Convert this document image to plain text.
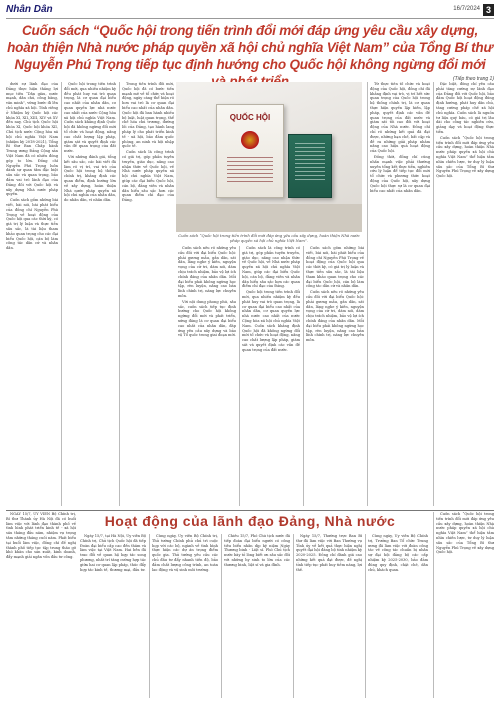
Nhân Dân	16/7/2024 3
Cuốn sách “Quốc hội trong tiến trình đổi mới đáp ứng yêu cầu xây dựng, hoàn thiện Nhà nước pháp quyền xã hội chủ nghĩa Việt Nam” của Tổng Bí thư Nguyễn Phú Trọng tiếp tục định hướng cho Quốc hội không ngừng đổi mới
(Tiếp theo trang 1)

dưới sự lãnh đạo của Đảng thực hiện thắng lợi mục tiêu “Dân giàu, nước mạnh, dân chủ, công bằng, văn minh”, vững bước đi lên chủ nghĩa xã hội. Tính riêng ở Nhiệm kỳ Quốc hội các khóa XI, XII, XIII, XIV và XV đến nay, Chủ tịch Quốc hội khóa XI, Quốc hội khóa XII, Chủ tịch nước Cộng hòa xã hội chủ nghĩa Việt Nam (nhiệm kỳ 2018-2021), Tổng Bí thư Ban Chấp hành Trung ương Đảng Cộng sản Việt Nam đã có nhiều đóng góp to lớn. Đồng chí Nguyễn Phú Trọng luôn dành sự quan tâm đặc biệt sâu sắc và quan trọng, bảo đảm vai trò lãnh đạo của Đảng đối với Quốc hội và xây dựng Nhà nước pháp quyền.

Cuốn sách gồm những bài viết, bài nói, bài phát biểu của đồng chí Nguyễn Phú Trọng về hoạt động của Quốc hội qua các thời kỳ, có giá trị lý luận và thực tiễn sâu sắc, là tài liệu tham khảo quan trọng cho các đại biểu Quốc hội, cán bộ làm công tác dân cử và nhân dân.

Quốc hội trong tiến trình đổi mới, qua nhiều nhiệm kỳ đều phát huy vai trò quan trọng, là cơ quan đại biểu cao nhất của nhân dân, cơ quan quyền lực nhà nước cao nhất của nước Cộng hòa xã hội chủ nghĩa Việt Nam. Cuốn sách khẳng định Quốc hội đã không ngừng đổi mới tổ chức và hoạt động, nâng cao chất lượng lập pháp, giám sát và quyết định các vấn đề quan trọng của đất nước.

Với những đánh giá, tổng kết sâu sắc, các bài viết đã làm rõ vị trí, vai trò của Quốc hội trong hệ thống chính trị, khẳng định các quan điểm, định hướng lớn về xây dựng, hoàn thiện Nhà nước pháp quyền xã hội chủ nghĩa của nhân dân, do nhân dân, vì nhân dân.

Trong tiến trình đổi mới, Quốc hội đã có bước tiến mạnh mẽ về tổ chức và hoạt động, ngày càng thể hiện rõ hơn vai trò là cơ quan đại biểu cao nhất của nhân dân. Quốc hội đã ban hành nhiều bộ luật, luật quan trọng, thể chế hóa chủ trương, đường lối của Đảng, tạo hành lang pháp lý cho phát triển kinh tế - xã hội, bảo đảm quốc phòng, an ninh và hội nhập quốc tế.

Cuốn sách là công trình có giá trị, góp phần tuyên truyền, giáo dục, nâng cao nhận thức về Quốc hội, về Nhà nước pháp quyền xã hội chủ nghĩa Việt Nam, giúp các đại biểu Quốc hội, cán bộ, đảng viên và nhân dân hiểu sâu sắc hơn các quan điểm chỉ đạo của Đảng.

QUỐC HỘI
Cuốn sách “Quốc hội trong tiến trình đổi mới đáp ứng yêu cầu xây dựng, hoàn thiện Nhà nước pháp quyền xã hội chủ nghĩa Việt Nam”.

Cuốn sách nêu rõ những yêu cầu đối với đại biểu Quốc hội: phải gương mẫu, gần dân, sát dân, lắng nghe ý kiến, nguyện vọng của cử tri, dám nói, dám chịu trách nhiệm, bảo vệ lợi ích chính đáng của nhân dân. Mỗi đại biểu phải không ngừng học tập, rèn luyện, nâng cao bản lĩnh chính trị, năng lực chuyên môn.

Với nội dung phong phú, sâu sắc, cuốn sách tiếp tục định hướng cho Quốc hội không ngừng đổi mới và phát triển, xứng đáng là cơ quan đại biểu cao nhất của nhân dân, đáp ứng yêu cầu xây dựng và bảo vệ Tổ quốc trong giai đoạn mới.

Cuốn sách là công trình có giá trị, góp phần tuyên truyền, giáo dục, nâng cao nhận thức về Quốc hội, về Nhà nước pháp quyền xã hội chủ nghĩa Việt Nam, giúp các đại biểu Quốc hội, cán bộ, đảng viên và nhân dân hiểu sâu sắc hơn các quan điểm chỉ đạo của Đảng.

Quốc hội trong tiến trình đổi mới, qua nhiều nhiệm kỳ đều phát huy vai trò quan trọng, là cơ quan đại biểu cao nhất của nhân dân, cơ quan quyền lực nhà nước cao nhất của nước Cộng hòa xã hội chủ nghĩa Việt Nam. Cuốn sách khẳng định Quốc hội đã không ngừng đổi mới tổ chức và hoạt động, nâng cao chất lượng lập pháp, giám sát và quyết định các vấn đề quan trọng của đất nước.

Cuốn sách gồm những bài viết, bài nói, bài phát biểu của đồng chí Nguyễn Phú Trọng về hoạt động của Quốc hội qua các thời kỳ, có giá trị lý luận và thực tiễn sâu sắc, là tài liệu tham khảo quan trọng cho các đại biểu Quốc hội, cán bộ làm công tác dân cử và nhân dân.

Cuốn sách nêu rõ những yêu cầu đối với đại biểu Quốc hội: phải gương mẫu, gần dân, sát dân, lắng nghe ý kiến, nguyện vọng của cử tri, dám nói, dám chịu trách nhiệm, bảo vệ lợi ích chính đáng của nhân dân. Mỗi đại biểu phải không ngừng học tập, rèn luyện, nâng cao bản lĩnh chính trị, năng lực chuyên môn.

Từ thực tiễn tổ chức và hoạt động của Quốc hội, đồng chí đã khẳng định vai trò, vị trí hết sức quan trọng của Quốc hội trong hệ thống chính trị, là cơ quan thực hiện quyền lập hiến, lập pháp, quyết định các vấn đề quan trọng của đất nước và giám sát tối cao đối với hoạt động của Nhà nước. Đồng chí chỉ rõ những kết quả đã đạt được, những hạn chế, bất cập và đề ra những giải pháp nhằm nâng cao hiệu quả hoạt động của Quốc hội.

Đồng thời, đồng chí cũng nhấn mạnh việc phải thường xuyên tổng kết thực tiễn, nghiên cứu lý luận để tiếp tục đổi mới tổ chức và phương thức hoạt động của Quốc hội, xây dựng Quốc hội thực sự là cơ quan đại biểu cao nhất của nhân dân.

Đặc biệt, đồng chí yêu cầu phải tăng cường sự lãnh đạo của Đảng đối với Quốc hội, bảo đảm Quốc hội hoạt động đúng định hướng, phát huy dân chủ, tăng cường pháp chế xã hội chủ nghĩa. Cuốn sách là nguồn tư liệu quý báu, có giá trị lâu dài cho công tác nghiên cứu, giảng dạy và hoạt động thực tiễn.

Cuốn sách “Quốc hội trong tiến trình đổi mới đáp ứng yêu cầu xây dựng, hoàn thiện Nhà nước pháp quyền xã hội chủ nghĩa Việt Nam” thể hiện tầm nhìn chiến lược, tư duy lý luận sâu sắc của Tổng Bí thư Nguyễn Phú Trọng về xây dựng Quốc hội.

NGÀY 15/7, ỦY VIÊN Bộ Chính trị, Bí thư Thành ủy Hà Nội đã có buổi làm việc với lãnh đạo thành phố về tình hình phát triển kinh tế - xã hội sáu tháng đầu năm, nhiệm vụ trọng tâm những tháng cuối năm. Phát biểu tại buổi làm việc, đồng chí đề nghị thành phố tiếp tục tập trung tháo gỡ khó khăn cho sản xuất, kinh doanh, đẩy mạnh giải ngân vốn đầu tư công.

Hoạt động của lãnh đạo Đảng, Nhà nước

Ngày 15/7, tại Hà Nội, Ủy viên Bộ Chính trị, Chủ tịch Quốc hội đã tiếp Đoàn đại biểu cấp cao đến thăm và làm việc tại Việt Nam. Hai bên đã trao đổi về quan hệ hợp tác song phương, nhất trí tăng cường hợp tác giữa hai cơ quan lập pháp, thúc đẩy hợp tác kinh tế, thương mại, đầu tư.

Cùng ngày, Ủy viên Bộ Chính trị, Thủ tướng Chính phủ chủ trì cuộc họp với các bộ, ngành về tình hình thực hiện các dự án trọng điểm quốc gia. Thủ tướng yêu cầu các chủ đầu tư đẩy nhanh tiến độ, bảo đảm chất lượng công trình, an toàn lao động và vệ sinh môi trường.

Chiều 15/7, Phó Chủ tịch nước đã tiếp đoàn đại biểu người có công tiêu biểu nhân dịp kỷ niệm Ngày Thương binh - Liệt sĩ. Phó Chủ tịch nước bày tỏ lòng biết ơn sâu sắc đối với những hy sinh to lớn của các thương binh, liệt sĩ và gia đình.

Ngày 15/7, Thường trực Ban Bí thư đã làm việc với Ban Thường vụ Tỉnh ủy về kết quả thực hiện nghị quyết đại hội đảng bộ tỉnh nhiệm kỳ 2020-2025. Đồng chí đánh giá cao những kết quả đạt được, đề nghị tỉnh tiếp tục phát huy tiềm năng, lợi thế.

Cùng ngày, Ủy viên Bộ Chính trị, Trưởng Ban Tổ chức Trung ương đã làm việc với đoàn công tác về công tác chuẩn bị nhân sự đại hội đảng bộ các cấp nhiệm kỳ 2025-2030, bảo đảm đúng quy định, chặt chẽ, dân chủ, khách quan.

Cuốn sách “Quốc hội trong tiến trình đổi mới đáp ứng yêu cầu xây dựng, hoàn thiện Nhà nước pháp quyền xã hội chủ nghĩa Việt Nam” thể hiện tầm nhìn chiến lược, tư duy lý luận sâu sắc của Tổng Bí thư Nguyễn Phú Trọng về xây dựng Quốc hội.
